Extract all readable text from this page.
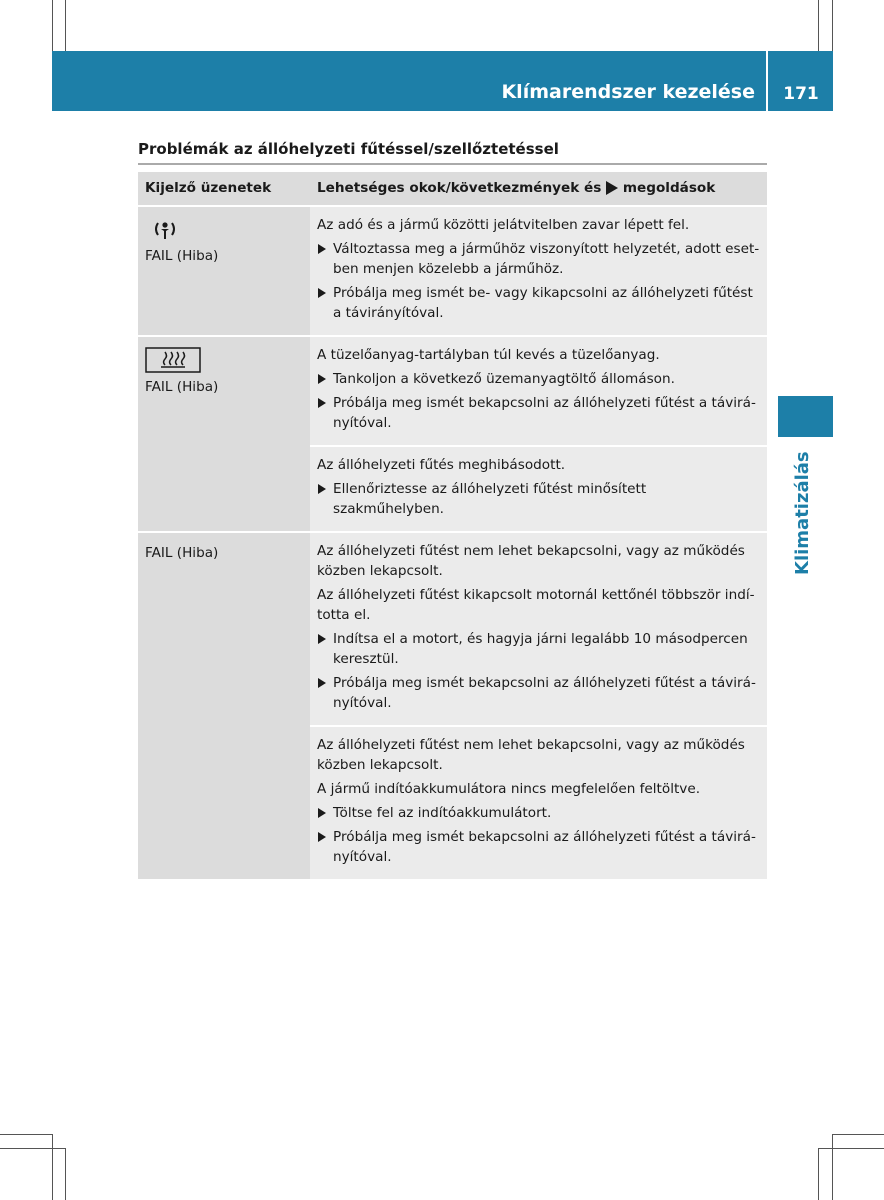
Klímarendszer kezelése	171
Klimatizálás
Problémák az állóhelyzeti fűtéssel/szellőztetéssel
Kijelző üzenetek	Lehetséges okok/következmények és megoldások

FAIL (Hiba)	Az adó és a jármű közötti jelátvitelben zavar lépett fel.

Változtassa meg a járműhöz viszonyított helyzetét, adott eset-ben menjen közelebb a járműhöz.
Próbálja meg ismét be- vagy kikapcsolni az állóhelyzeti fűtést a távirányítóval.

FAIL (Hiba)	A tüzelőanyag-tartályban túl kevés a tüzelőanyag.

Tankoljon a következő üzemanyagtöltő állomáson.
Próbálja meg ismét bekapcsolni az állóhelyzeti fűtést a távirá-nyítóval.

	Az állóhelyzeti fűtés meghibásodott.

Ellenőriztesse az állóhelyzeti fűtést minősített szakműhelyben.

FAIL (Hiba)	Az állóhelyzeti fűtést nem lehet bekapcsolni, vagy az működés közben lekapcsolt.

Az állóhelyzeti fűtést kikapcsolt motornál kettőnél többször indí-totta el.

Indítsa el a motort, és hagyja járni legalább 10 másodpercen keresztül.
Próbálja meg ismét bekapcsolni az állóhelyzeti fűtést a távirá-nyítóval.

	Az állóhelyzeti fűtést nem lehet bekapcsolni, vagy az működés közben lekapcsolt.

A jármű indítóakkumulátora nincs megfelelően feltöltve.

Töltse fel az indítóakkumulátort.
Próbálja meg ismét bekapcsolni az állóhelyzeti fűtést a távirá-nyítóval.
